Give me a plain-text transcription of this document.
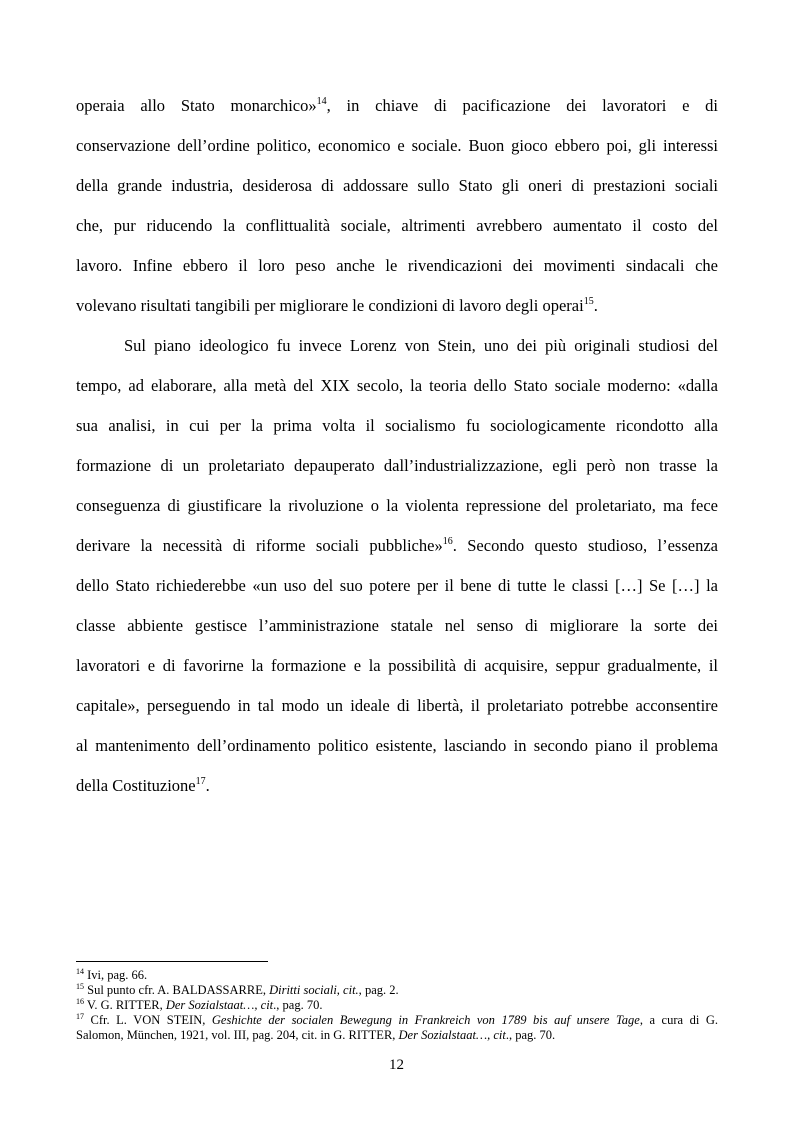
operaia allo Stato monarchico»$^{14}$, in chiave di pacificazione dei lavoratori e di
conservazione dell’ordine politico, economico e sociale. Buon gioco ebbero poi, gli interessi
della grande industria, desiderosa di addossare sullo Stato gli oneri di prestazioni sociali
che, pur riducendo la conflittualità sociale, altrimenti avrebbero aumentato il costo del
lavoro. Infine ebbero il loro peso anche le rivendicazioni dei movimenti sindacali che
volevano risultati tangibili per migliorare le condizioni di lavoro degli operai$^{15}$.
Sul piano ideologico fu invece Lorenz von Stein, uno dei più originali studiosi del
tempo, ad elaborare, alla metà del XIX secolo, la teoria dello Stato sociale moderno: «dalla
sua analisi, in cui per la prima volta il socialismo fu sociologicamente ricondotto alla
formazione di un proletariato depauperato dall’industrializzazione, egli però non trasse la
conseguenza di giustificare la rivoluzione o la violenta repressione del proletariato, ma fece
derivare la necessità di riforme sociali pubbliche»$^{16}$. Secondo questo studioso, l’essenza
dello Stato richiederebbe «un uso del suo potere per il bene di tutte le classi […] Se […] la
classe abbiente gestisce l’amministrazione statale nel senso di migliorare la sorte dei
lavoratori e di favorirne la formazione e la possibilità di acquisire, seppur gradualmente, il
capitale», perseguendo in tal modo un ideale di libertà, il proletariato potrebbe acconsentire
al mantenimento dell’ordinamento politico esistente, lasciando in secondo piano il problema
della Costituzione$^{17}$.
$^{14}$ Ivi, pag. 66.
$^{15}$ Sul punto cfr. A. BALDASSARRE, Diritti sociali, cit., pag. 2.
$^{16}$ V. G. RITTER, Der Sozialstaat…, cit., pag. 70.
$^{17}$ Cfr. L. VON STEIN, Geshichte der socialen Bewegung in Frankreich von 1789 bis auf unsere Tage, a cura di G.
Salomon, München, 1921, vol. III, pag. 204, cit. in G. RITTER, Der Sozialstaat…, cit., pag. 70.
12
